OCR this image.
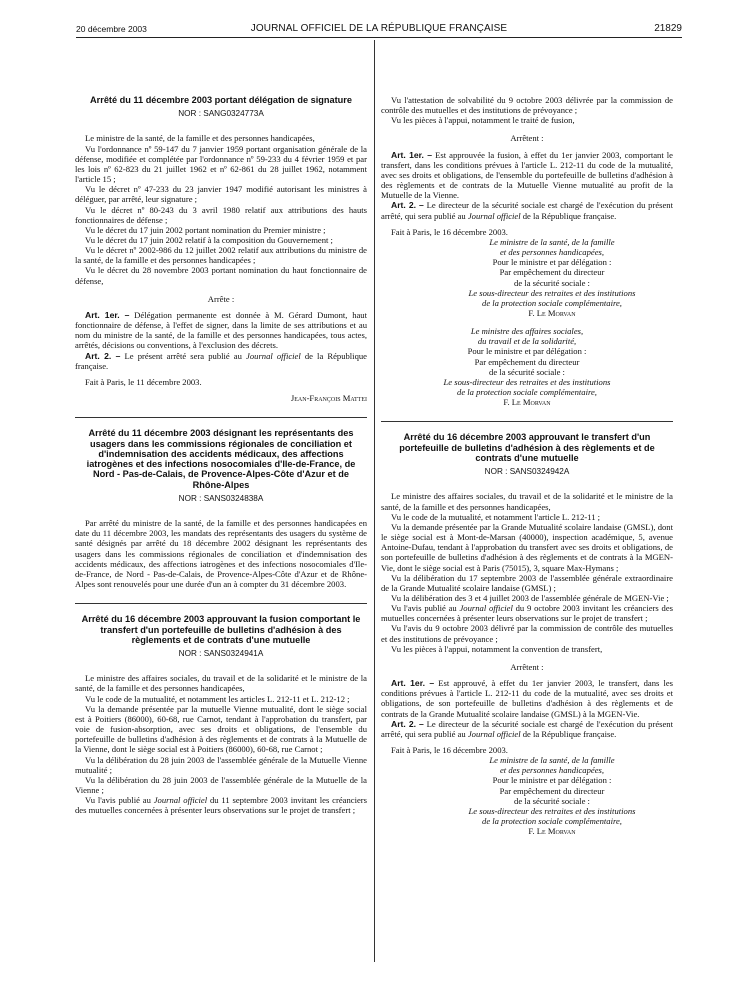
20 décembre 2003	JOURNAL OFFICIEL DE LA RÉPUBLIQUE FRANÇAISE	21829
Arrêté du 11 décembre 2003 portant délégation de signature
NOR : SANG0324773A

Le ministre de la santé, de la famille et des personnes handicapées,

Vu l'ordonnance nº 59-147 du 7 janvier 1959 portant organisation générale de la défense, modifiée et complétée par l'ordonnance nº 59-233 du 4 février 1959 et par les lois nº 62-823 du 21 juillet 1962 et nº 62-861 du 28 juillet 1962, notamment l'article 15 ;

Vu le décret nº 47-233 du 23 janvier 1947 modifié autorisant les ministres à déléguer, par arrêté, leur signature ;

Vu le décret nº 80-243 du 3 avril 1980 relatif aux attributions des hauts fonctionnaires de défense ;

Vu le décret du 17 juin 2002 portant nomination du Premier ministre ;

Vu le décret du 17 juin 2002 relatif à la composition du Gouvernement ;

Vu le décret nº 2002-986 du 12 juillet 2002 relatif aux attributions du ministre de la santé, de la famille et des personnes handicapées ;

Vu le décret du 28 novembre 2003 portant nomination du haut fonctionnaire de défense,

Arrête :

Art. 1er. – Délégation permanente est donnée à M. Gérard Dumont, haut fonctionnaire de défense, à l'effet de signer, dans la limite de ses attributions et au nom du ministre de la santé, de la famille et des personnes handicapées, tous actes, arrêtés, décisions ou conventions, à l'exclusion des décrets.

Art. 2. – Le présent arrêté sera publié au Journal officiel de la République française.

Fait à Paris, le 11 décembre 2003.

Jean-François Mattei

Arrêté du 11 décembre 2003 désignant les représentants des usagers dans les commissions régionales de conciliation et d'indemnisation des accidents médicaux, des affections iatrogènes et des infections nosocomiales d'Ile-de-France, de Nord - Pas-de-Calais, de Provence-Alpes-Côte d'Azur et de Rhône-Alpes
NOR : SANS0324838A

Par arrêté du ministre de la santé, de la famille et des personnes handicapées en date du 11 décembre 2003, les mandats des représentants des usagers du système de santé désignés par arrêté du 18 décembre 2002 désignant les représentants des usagers dans les commissions régionales de conciliation et d'indemnisation des accidents médicaux, des affections iatrogènes et des infections nosocomiales d'Ile-de-France, de Nord - Pas-de-Calais, de Provence-Alpes-Côte d'Azur et de Rhône-Alpes sont renouvelés pour une durée d'un an à compter du 31 décembre 2003.

Arrêté du 16 décembre 2003 approuvant la fusion comportant le transfert d'un portefeuille de bulletins d'adhésion à des règlements et de contrats d'une mutuelle
NOR : SANS0324941A

Le ministre des affaires sociales, du travail et de la solidarité et le ministre de la santé, de la famille et des personnes handicapées,

Vu le code de la mutualité, et notamment les articles L. 212-11 et L. 212-12 ;

Vu la demande présentée par la mutuelle Vienne mutualité, dont le siège social est à Poitiers (86000), 60-68, rue Carnot, tendant à l'approbation du transfert, par voie de fusion-absorption, avec ses droits et obligations, de l'ensemble du portefeuille de bulletins d'adhésion à des règlements et de contrats à la Mutuelle de la Vienne, dont le siège social est à Poitiers (86000), 60-68, rue Carnot ;

Vu la délibération du 28 juin 2003 de l'assemblée générale de la Mutuelle Vienne mutualité ;

Vu la délibération du 28 juin 2003 de l'assemblée générale de la Mutuelle de la Vienne ;

Vu l'avis publié au Journal officiel du 11 septembre 2003 invitant les créanciers des mutuelles concernées à présenter leurs observations sur le projet de transfert ;

Vu l'attestation de solvabilité du 9 octobre 2003 délivrée par la commission de contrôle des mutuelles et des institutions de prévoyance ;

Vu les pièces à l'appui, notamment le traité de fusion,

Arrêtent :

Art. 1er. – Est approuvée la fusion, à effet du 1er janvier 2003, comportant le transfert, dans les conditions prévues à l'article L. 212-11 du code de la mutualité, avec ses droits et obligations, de l'ensemble du portefeuille de bulletins d'adhésion à des règlements et de contrats de la Mutuelle Vienne mutualité au profit de la Mutuelle de la Vienne.

Art. 2. – Le directeur de la sécurité sociale est chargé de l'exécution du présent arrêté, qui sera publié au Journal officiel de la République française.

Fait à Paris, le 16 décembre 2003.

Le ministre de la santé, de la famille
et des personnes handicapées,
Pour le ministre et par délégation :
Par empêchement du directeur
de la sécurité sociale :
Le sous-directeur des retraites et des institutions
de la protection sociale complémentaire,
F. Le Morvan
Le ministre des affaires sociales,
du travail et de la solidarité,
Pour le ministre et par délégation :
Par empêchement du directeur
de la sécurité sociale :
Le sous-directeur des retraites et des institutions
de la protection sociale complémentaire,
F. Le Morvan
Arrêté du 16 décembre 2003 approuvant le transfert d'un portefeuille de bulletins d'adhésion à des règlements et de contrats d'une mutuelle
NOR : SANS0324942A

Le ministre des affaires sociales, du travail et de la solidarité et le ministre de la santé, de la famille et des personnes handicapées,

Vu le code de la mutualité, et notamment l'article L. 212-11 ;

Vu la demande présentée par la Grande Mutualité scolaire landaise (GMSL), dont le siège social est à Mont-de-Marsan (40000), inspection académique, 5, avenue Antoine-Dufau, tendant à l'approbation du transfert avec ses droits et obligations, de son portefeuille de bulletins d'adhésion à des règlements et de contrats à la MGEN-Vie, dont le siège social est à Paris (75015), 3, square Max-Hymans ;

Vu la délibération du 17 septembre 2003 de l'assemblée générale extraordinaire de la Grande Mutualité scolaire landaise (GMSL) ;

Vu la délibération des 3 et 4 juillet 2003 de l'assemblée générale de MGEN-Vie ;

Vu l'avis publié au Journal officiel du 9 octobre 2003 invitant les créanciers des mutuelles concernées à présenter leurs observations sur le projet de transfert ;

Vu l'avis du 9 octobre 2003 délivré par la commission de contrôle des mutuelles et des institutions de prévoyance ;

Vu les pièces à l'appui, notamment la convention de transfert,

Arrêtent :

Art. 1er. – Est approuvé, à effet du 1er janvier 2003, le transfert, dans les conditions prévues à l'article L. 212-11 du code de la mutualité, avec ses droits et obligations, de son portefeuille de bulletins d'adhésion à des règlements et de contrats de la Grande Mutualité scolaire landaise (GMSL) à la MGEN-Vie.

Art. 2. – Le directeur de la sécurité sociale est chargé de l'exécution du présent arrêté, qui sera publié au Journal officiel de la République française.

Fait à Paris, le 16 décembre 2003.

Le ministre de la santé, de la famille
et des personnes handicapées,
Pour le ministre et par délégation :
Par empêchement du directeur
de la sécurité sociale :
Le sous-directeur des retraites et des institutions
de la protection sociale complémentaire,
F. Le Morvan
